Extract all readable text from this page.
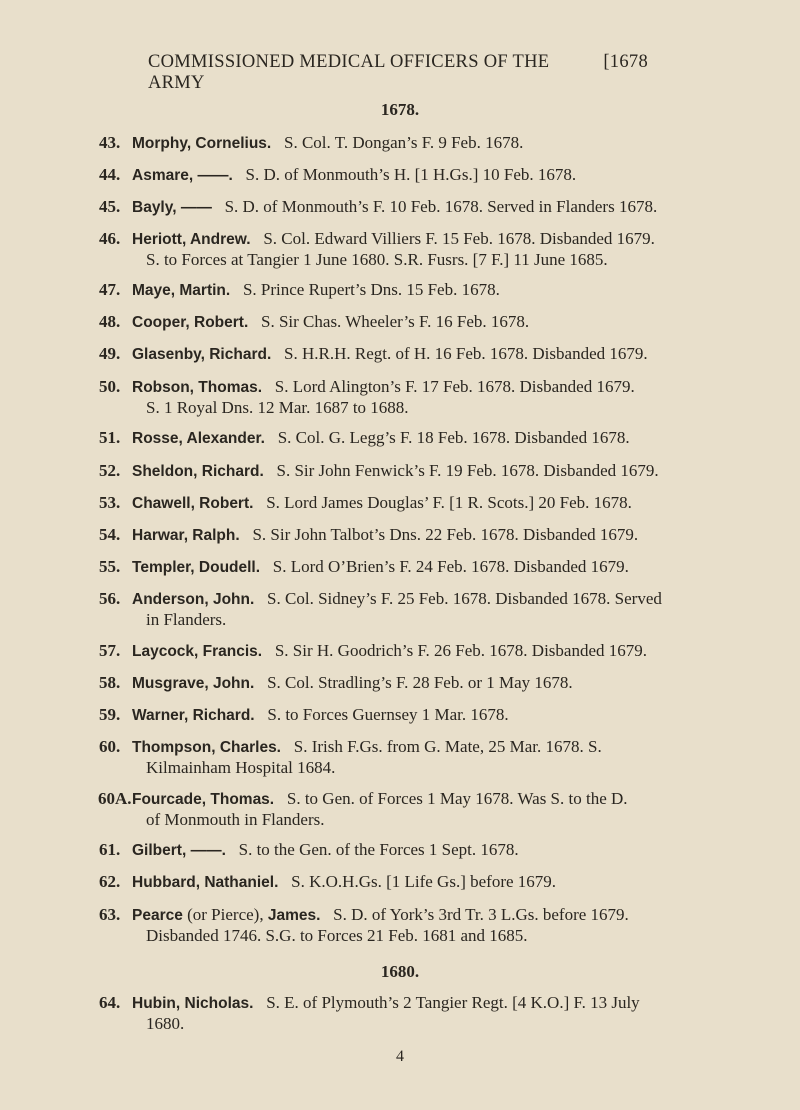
COMMISSIONED MEDICAL OFFICERS OF THE ARMY
[1678
1678.
43. Morphy, Cornelius. S. Col. T. Dongan’s F. 9 Feb. 1678.
44. Asmare, ——. S. D. of Monmouth’s H. [1 H.Gs.] 10 Feb. 1678.
45. Bayly, —— S. D. of Monmouth’s F. 10 Feb. 1678. Served in Flanders 1678.
46. Heriott, Andrew. S. Col. Edward Villiers F. 15 Feb. 1678. Disbanded 1679.
S. to Forces at Tangier 1 June 1680. S.R. Fusrs. [7 F.] 11 June 1685.
47. Maye, Martin. S. Prince Rupert’s Dns. 15 Feb. 1678.
48. Cooper, Robert. S. Sir Chas. Wheeler’s F. 16 Feb. 1678.
49. Glasenby, Richard. S. H.R.H. Regt. of H. 16 Feb. 1678. Disbanded 1679.
50. Robson, Thomas. S. Lord Alington’s F. 17 Feb. 1678. Disbanded 1679.
S. 1 Royal Dns. 12 Mar. 1687 to 1688.
51. Rosse, Alexander. S. Col. G. Legg’s F. 18 Feb. 1678. Disbanded 1678.
52. Sheldon, Richard. S. Sir John Fenwick’s F. 19 Feb. 1678. Disbanded 1679.
53. Chawell, Robert. S. Lord James Douglas’ F. [1 R. Scots.] 20 Feb. 1678.
54. Harwar, Ralph. S. Sir John Talbot’s Dns. 22 Feb. 1678. Disbanded 1679.
55. Templer, Doudell. S. Lord O’Brien’s F. 24 Feb. 1678. Disbanded 1679.
56. Anderson, John. S. Col. Sidney’s F. 25 Feb. 1678. Disbanded 1678. Served
in Flanders.
57. Laycock, Francis. S. Sir H. Goodrich’s F. 26 Feb. 1678. Disbanded 1679.
58. Musgrave, John. S. Col. Stradling’s F. 28 Feb. or 1 May 1678.
59. Warner, Richard. S. to Forces Guernsey 1 Mar. 1678.
60. Thompson, Charles. S. Irish F.Gs. from G. Mate, 25 Mar. 1678. S.
Kilmainham Hospital 1684.
60A. Fourcade, Thomas. S. to Gen. of Forces 1 May 1678. Was S. to the D.
of Monmouth in Flanders.
61. Gilbert, ——. S. to the Gen. of the Forces 1 Sept. 1678.
62. Hubbard, Nathaniel. S. K.O.H.Gs. [1 Life Gs.] before 1679.
63. Pearce (or Pierce), James. S. D. of York’s 3rd Tr. 3 L.Gs. before 1679.
Disbanded 1746. S.G. to Forces 21 Feb. 1681 and 1685.
1680.
64. Hubin, Nicholas. S. E. of Plymouth’s 2 Tangier Regt. [4 K.O.] F. 13 July
1680.
4
